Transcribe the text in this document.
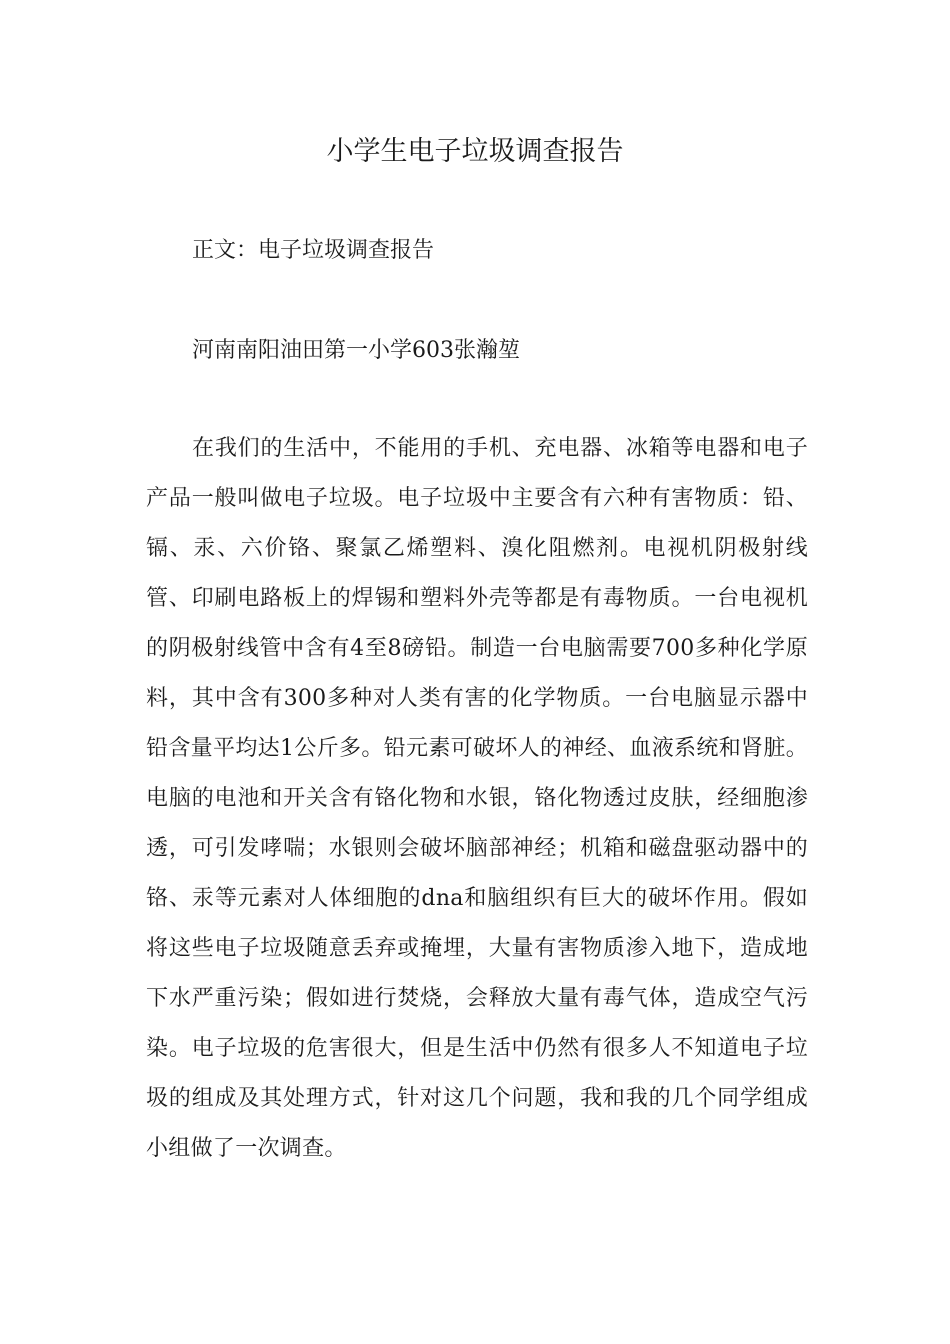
小学生电子垃圾调查报告

正文：电子垃圾调查报告

河南南阳油田第一小学603张瀚堃

在我们的生活中，不能用的手机、充电器、冰箱等电器和电子产品一般叫做电子垃圾。电子垃圾中主要含有六种有害物质：铅、镉、汞、六价铬、聚氯乙烯塑料、溴化阻燃剂。电视机阴极射线管、印刷电路板上的焊锡和塑料外壳等都是有毒物质。一台电视机的阴极射线管中含有4至8磅铅。制造一台电脑需要700多种化学原料，其中含有300多种对人类有害的化学物质。一台电脑显示器中铅含量平均达1公斤多。铅元素可破坏人的神经、血液系统和肾脏。电脑的电池和开关含有铬化物和水银，铬化物透过皮肤，经细胞渗透，可引发哮喘；水银则会破坏脑部神经；机箱和磁盘驱动器中的铬、汞等元素对人体细胞的dna和脑组织有巨大的破坏作用。假如将这些电子垃圾随意丢弃或掩埋，大量有害物质渗入地下，造成地下水严重污染；假如进行焚烧，会释放大量有毒气体，造成空气污染。电子垃圾的危害很大，但是生活中仍然有很多人不知道电子垃圾的组成及其处理方式，针对这几个问题，我和我的几个同学组成小组做了一次调查。
